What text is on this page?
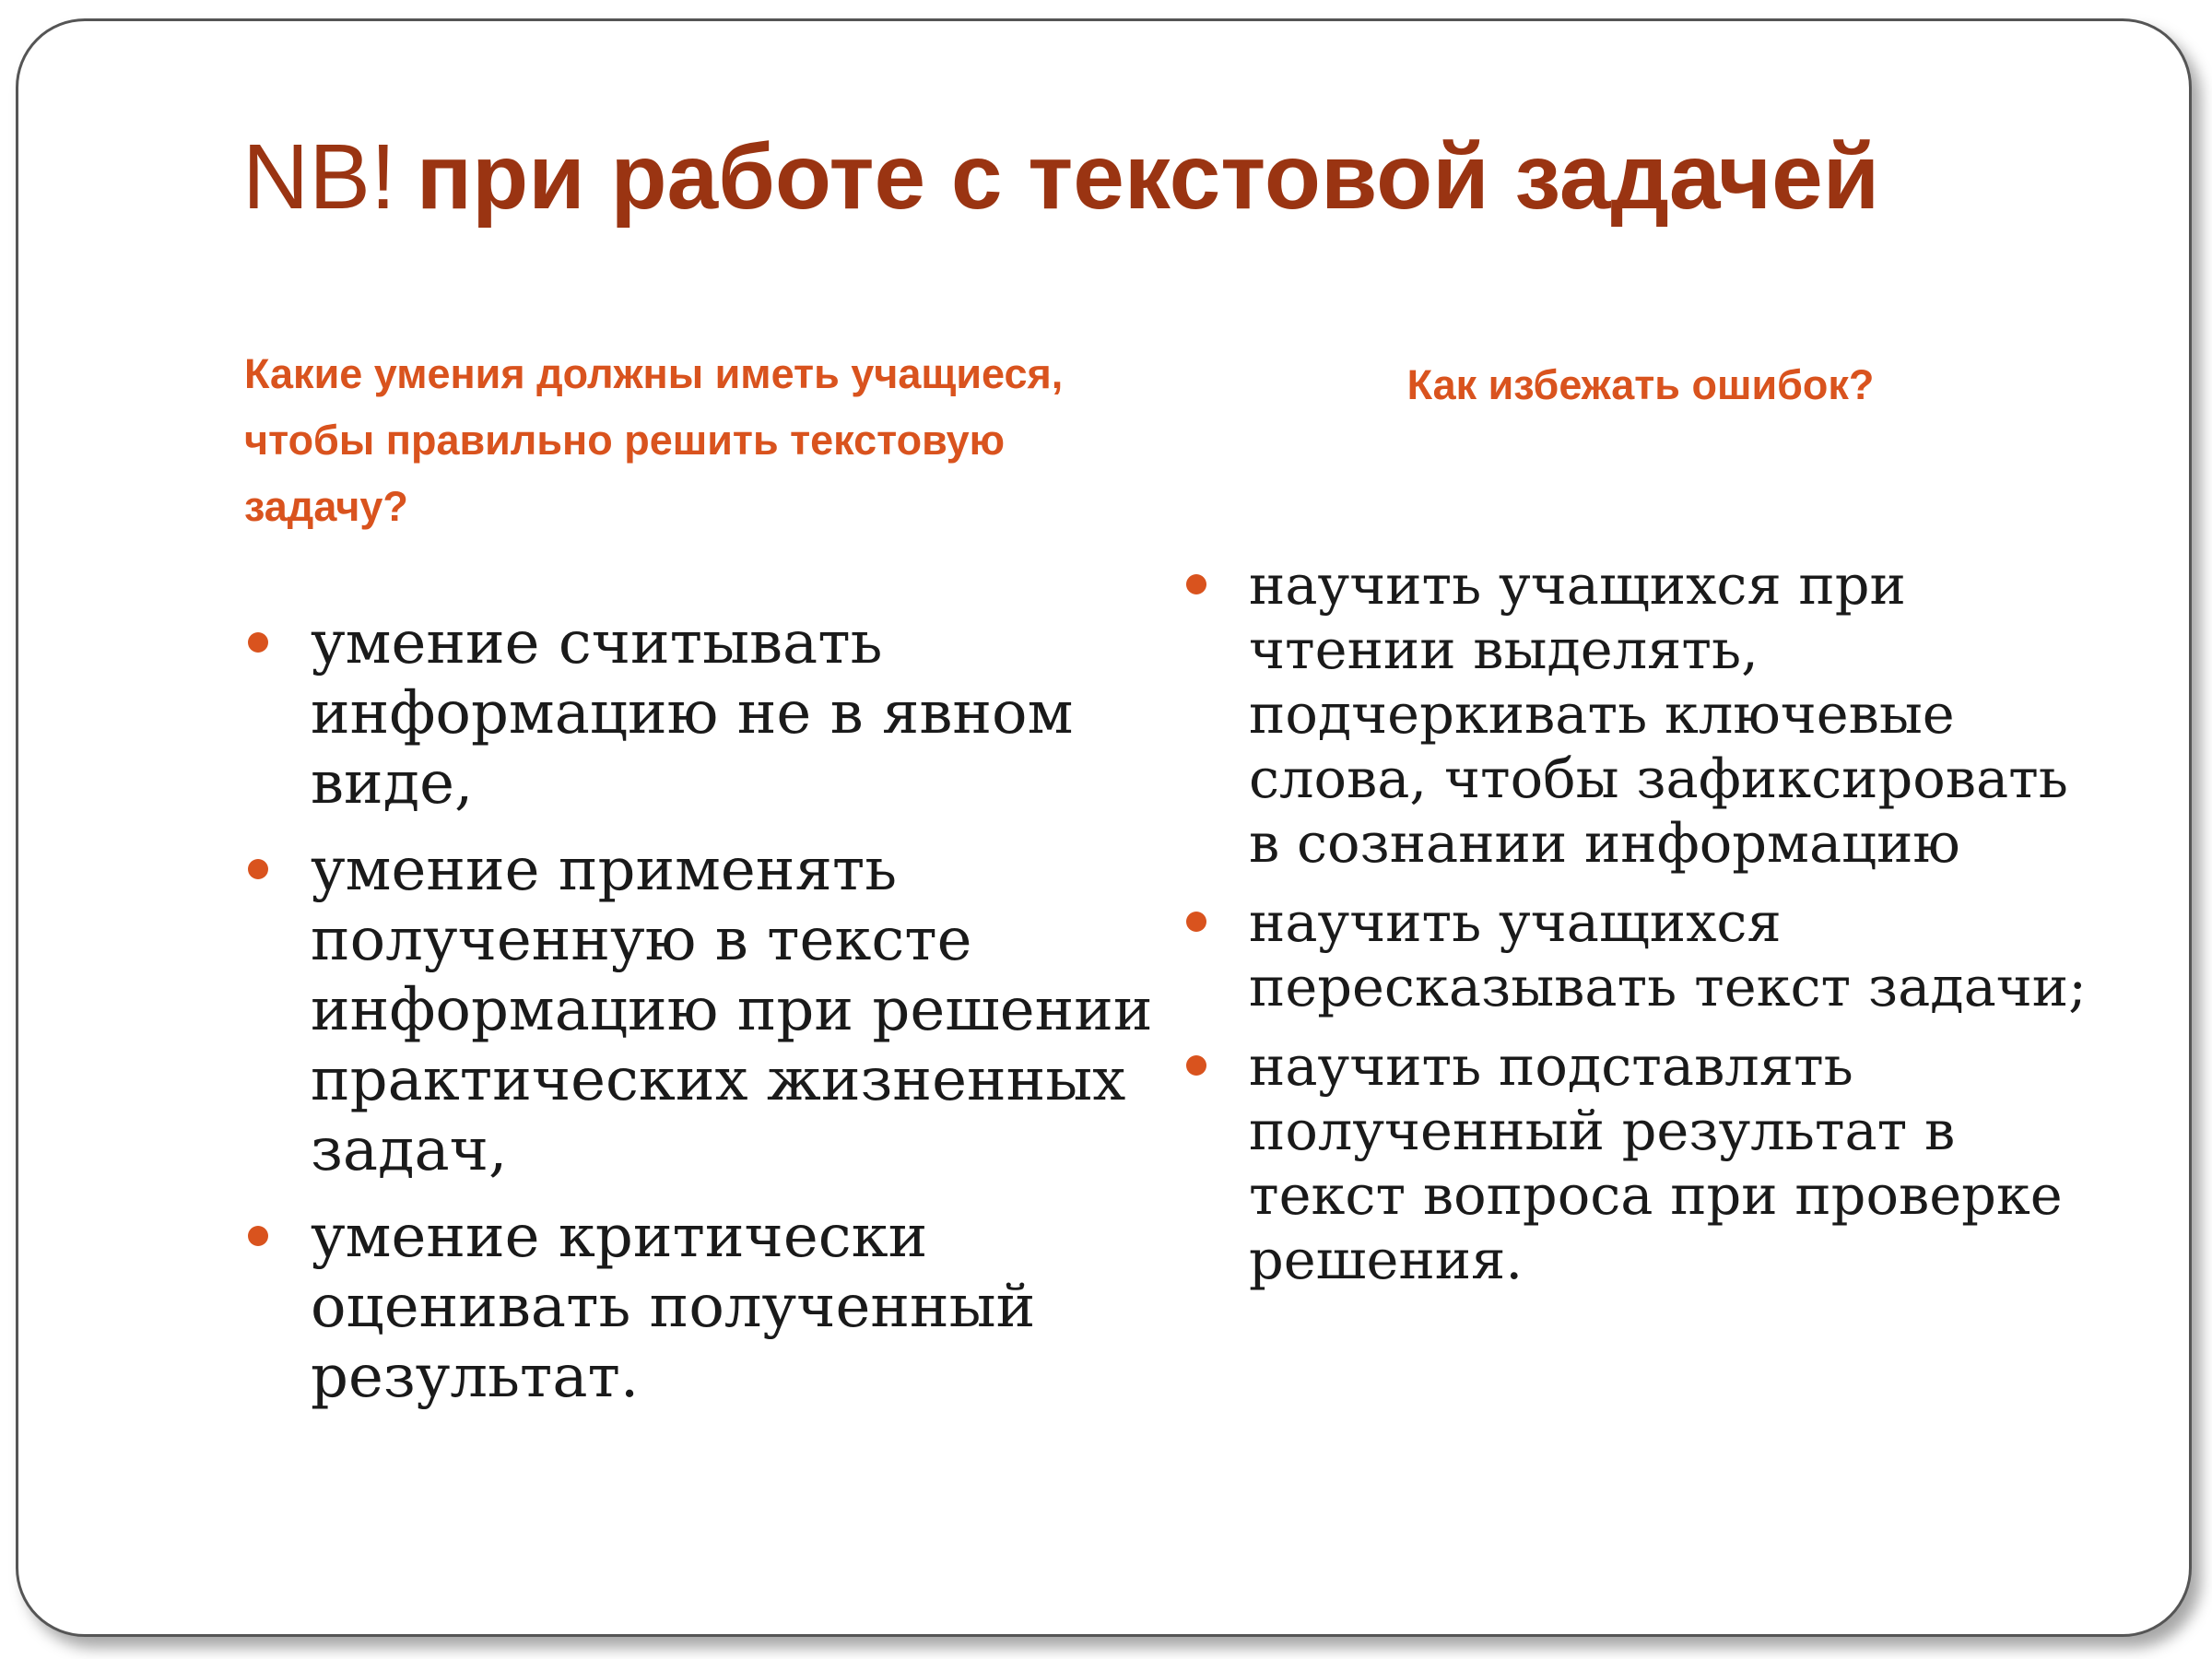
NB! при работе с текстовой задачей
Какие умения должны иметь учащиеся, чтобы правильно решить текстовую задачу?
Как избежать ошибок?
умение считывать информацию не в явном виде,
умение применять полученную в тексте информацию при решении практических жизненных задач,
умение критически оценивать полученный результат.
научить учащихся при чтении выделять, подчеркивать ключевые слова, чтобы зафиксировать в сознании информацию
научить учащихся пересказывать текст задачи;
научить подставлять полученный результат в текст вопроса при проверке решения.
